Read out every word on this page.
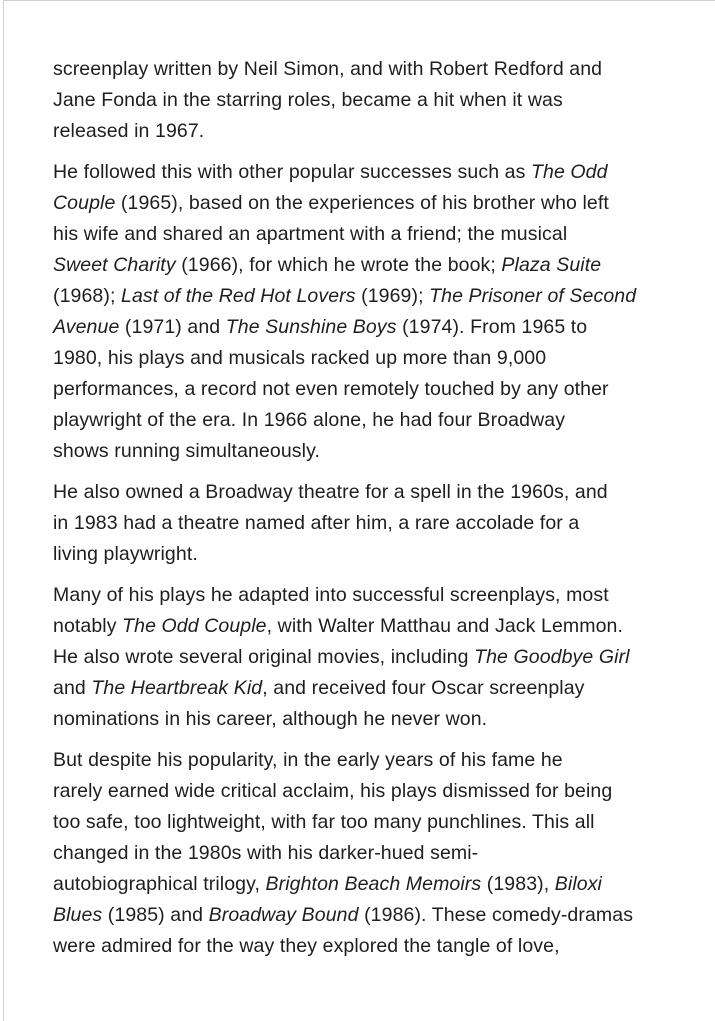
screenplay written by Neil Simon, and with Robert Redford and
Jane Fonda in the starring roles, became a hit when it was
released in 1967.

He followed this with other popular successes such as The Odd
Couple (1965), based on the experiences of his brother who left
his wife and shared an apartment with a friend; the musical
Sweet Charity (1966), for which he wrote the book; Plaza Suite
(1968); Last of the Red Hot Lovers (1969); The Prisoner of Second
Avenue (1971) and The Sunshine Boys (1974). From 1965 to
1980, his plays and musicals racked up more than 9,000
performances, a record not even remotely touched by any other
playwright of the era. In 1966 alone, he had four Broadway
shows running simultaneously.

He also owned a Broadway theatre for a spell in the 1960s, and
in 1983 had a theatre named after him, a rare accolade for a
living playwright.

Many of his plays he adapted into successful screenplays, most
notably The Odd Couple, with Walter Matthau and Jack Lemmon.
He also wrote several original movies, including The Goodbye Girl
and The Heartbreak Kid, and received four Oscar screenplay
nominations in his career, although he never won.

But despite his popularity, in the early years of his fame he
rarely earned wide critical acclaim, his plays dismissed for being
too safe, too lightweight, with far too many punchlines. This all
changed in the 1980s with his darker-hued semi-
autobiographical trilogy, Brighton Beach Memoirs (1983), Biloxi
Blues (1985) and Broadway Bound (1986). These comedy-dramas
were admired for the way they explored the tangle of love,
